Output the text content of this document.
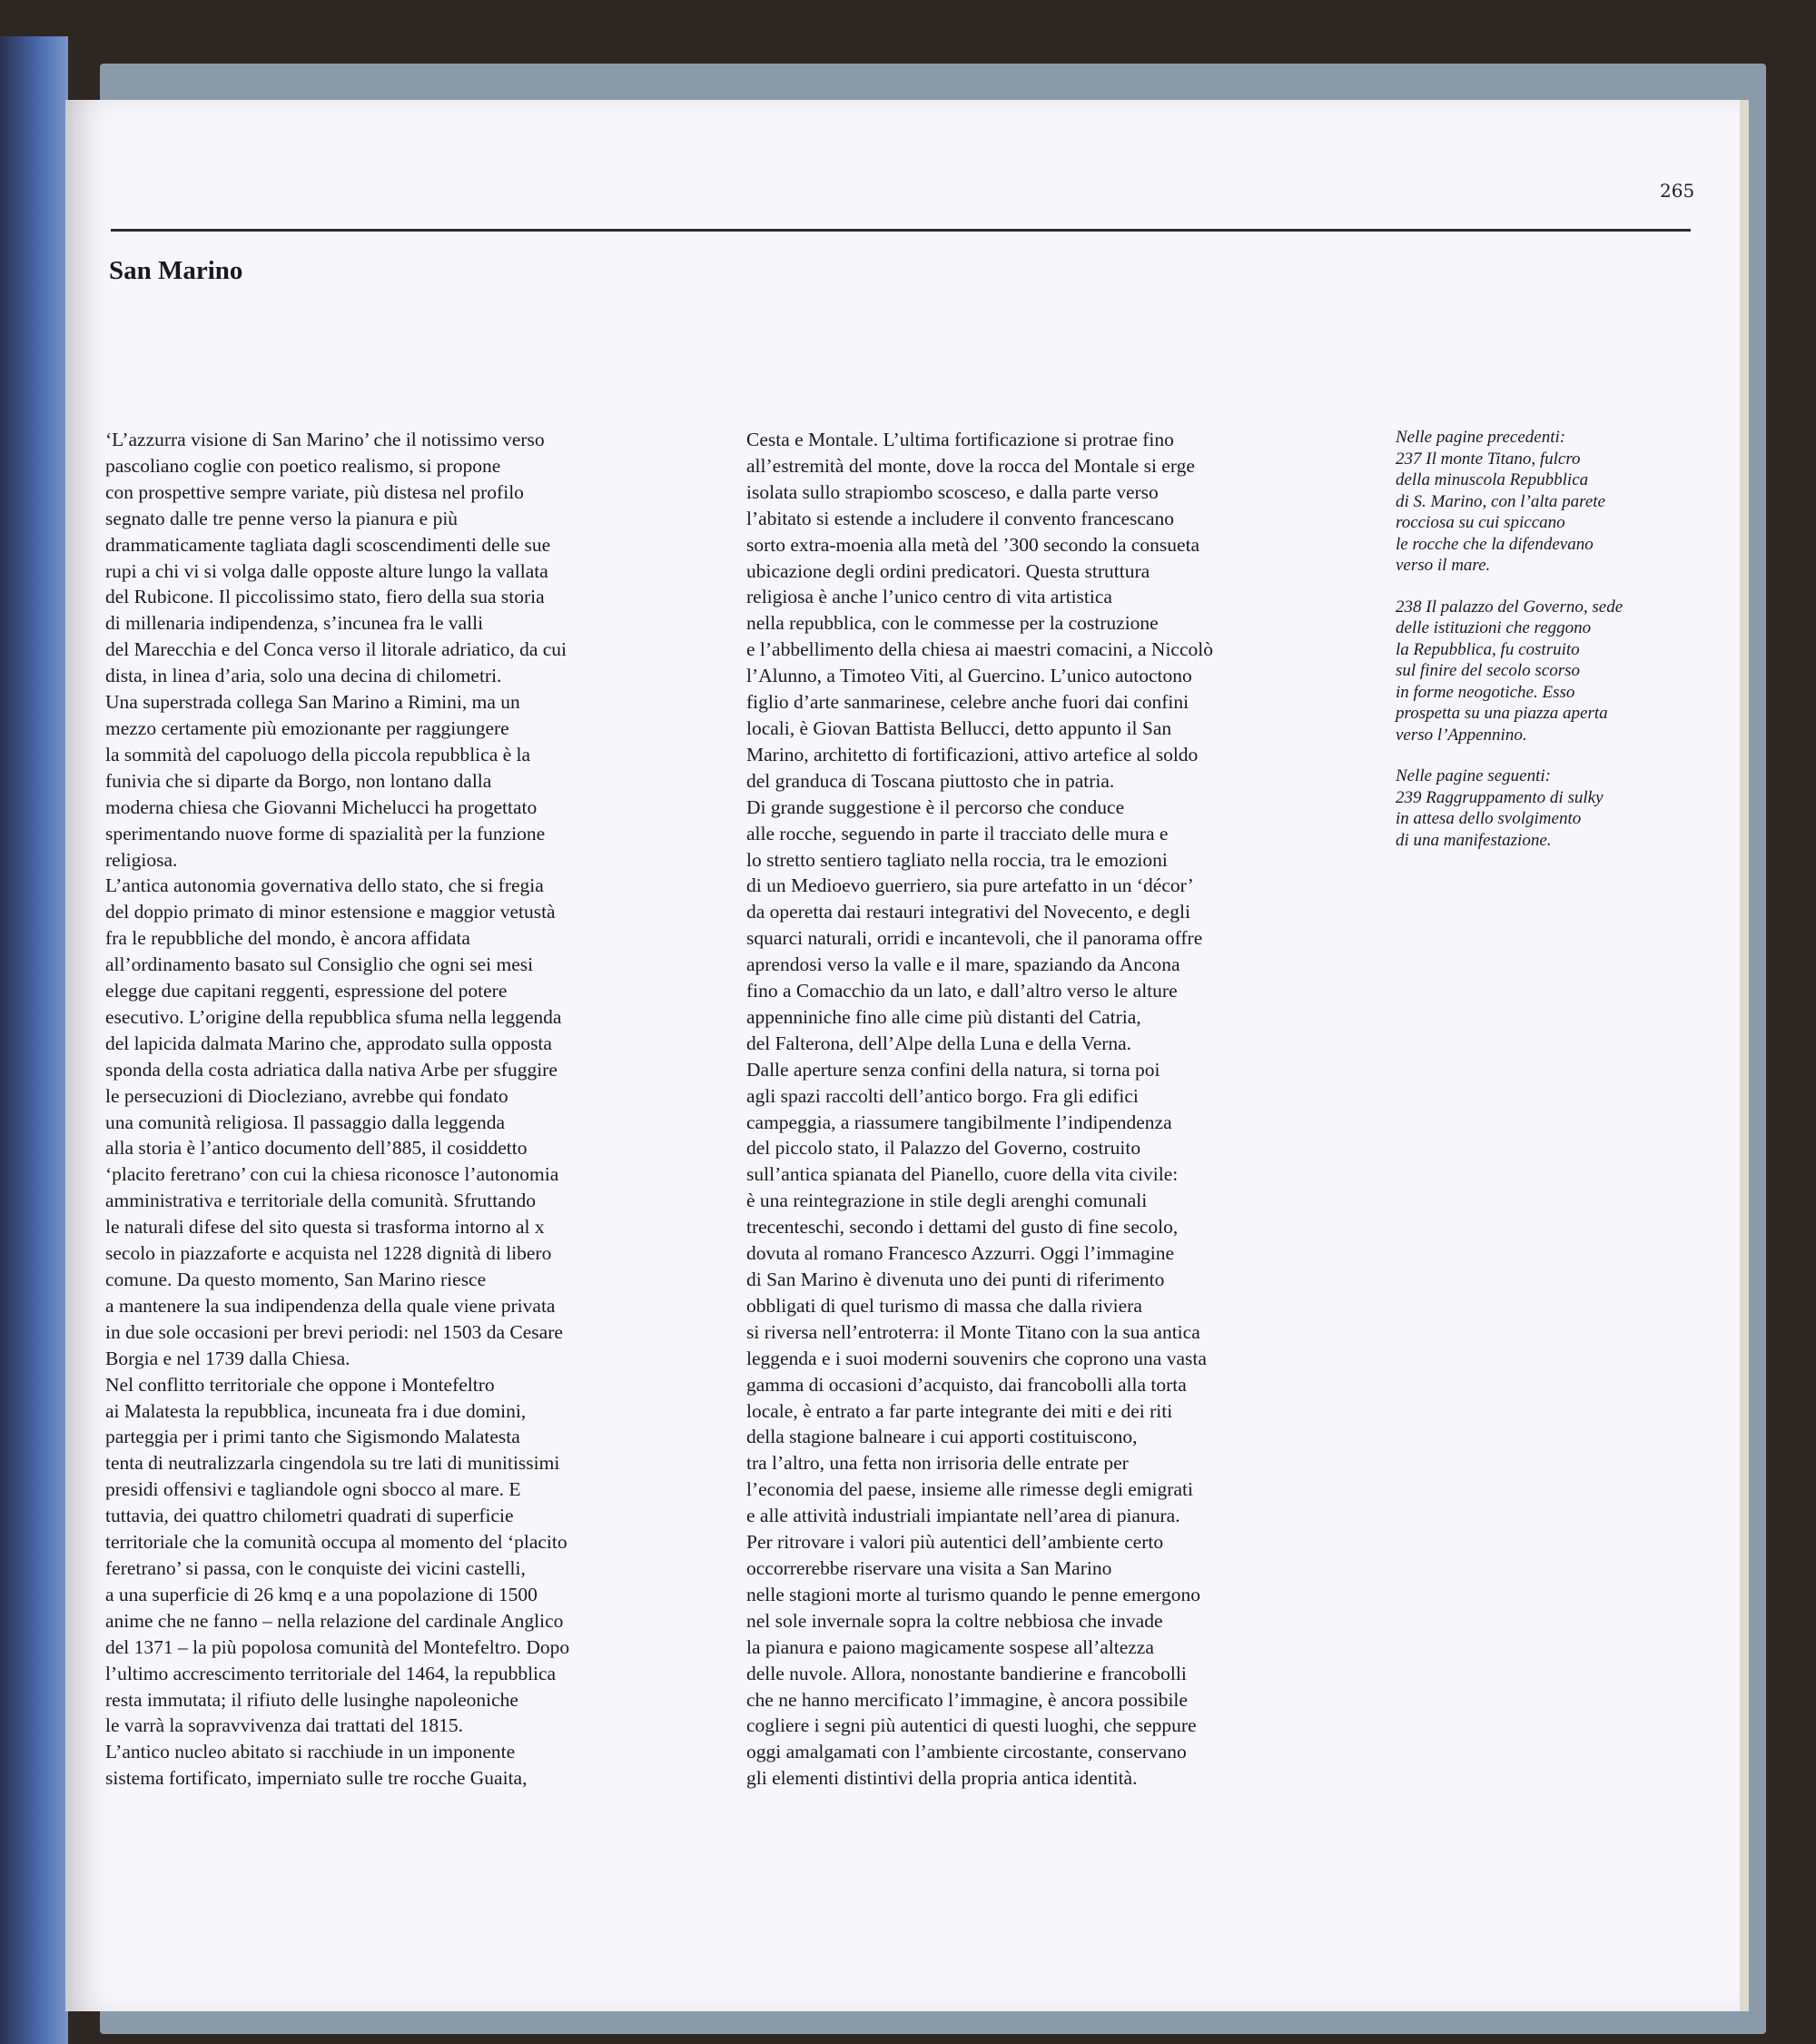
265
San Marino
‘L’azzurra visione di San Marino’ che il notissimo verso
pascoliano coglie con poetico realismo, si propone
con prospettive sempre variate, più distesa nel profilo
segnato dalle tre penne verso la pianura e più
drammaticamente tagliata dagli scoscendimenti delle sue
rupi a chi vi si volga dalle opposte alture lungo la vallata
del Rubicone. Il piccolissimo stato, fiero della sua storia
di millenaria indipendenza, s’incunea fra le valli
del Marecchia e del Conca verso il litorale adriatico, da cui
dista, in linea d’aria, solo una decina di chilometri.
Una superstrada collega San Marino a Rimini, ma un
mezzo certamente più emozionante per raggiungere
la sommità del capoluogo della piccola repubblica è la
funivia che si diparte da Borgo, non lontano dalla
moderna chiesa che Giovanni Michelucci ha progettato
sperimentando nuove forme di spazialità per la funzione
religiosa.
L’antica autonomia governativa dello stato, che si fregia
del doppio primato di minor estensione e maggior vetustà
fra le repubbliche del mondo, è ancora affidata
all’ordinamento basato sul Consiglio che ogni sei mesi
elegge due capitani reggenti, espressione del potere
esecutivo. L’origine della repubblica sfuma nella leggenda
del lapicida dalmata Marino che, approdato sulla opposta
sponda della costa adriatica dalla nativa Arbe per sfuggire
le persecuzioni di Diocleziano, avrebbe qui fondato
una comunità religiosa. Il passaggio dalla leggenda
alla storia è l’antico documento dell’885, il cosiddetto
‘placito feretrano’ con cui la chiesa riconosce l’autonomia
amministrativa e territoriale della comunità. Sfruttando
le naturali difese del sito questa si trasforma intorno al x
secolo in piazzaforte e acquista nel 1228 dignità di libero
comune. Da questo momento, San Marino riesce
a mantenere la sua indipendenza della quale viene privata
in due sole occasioni per brevi periodi: nel 1503 da Cesare
Borgia e nel 1739 dalla Chiesa.
Nel conflitto territoriale che oppone i Montefeltro
ai Malatesta la repubblica, incuneata fra i due domini,
parteggia per i primi tanto che Sigismondo Malatesta
tenta di neutralizzarla cingendola su tre lati di munitissimi
presidi offensivi e tagliandole ogni sbocco al mare. E
tuttavia, dei quattro chilometri quadrati di superficie
territoriale che la comunità occupa al momento del ‘placito
feretrano’ si passa, con le conquiste dei vicini castelli,
a una superficie di 26 kmq e a una popolazione di 1500
anime che ne fanno – nella relazione del cardinale Anglico
del 1371 – la più popolosa comunità del Montefeltro. Dopo
l’ultimo accrescimento territoriale del 1464, la repubblica
resta immutata; il rifiuto delle lusinghe napoleoniche
le varrà la sopravvivenza dai trattati del 1815.
L’antico nucleo abitato si racchiude in un imponente
sistema fortificato, imperniato sulle tre rocche Guaita,
Cesta e Montale. L’ultima fortificazione si protrae fino
all’estremità del monte, dove la rocca del Montale si erge
isolata sullo strapiombo scosceso, e dalla parte verso
l’abitato si estende a includere il convento francescano
sorto extra-moenia alla metà del ’300 secondo la consueta
ubicazione degli ordini predicatori. Questa struttura
religiosa è anche l’unico centro di vita artistica
nella repubblica, con le commesse per la costruzione
e l’abbellimento della chiesa ai maestri comacini, a Niccolò
l’Alunno, a Timoteo Viti, al Guercino. L’unico autoctono
figlio d’arte sanmarinese, celebre anche fuori dai confini
locali, è Giovan Battista Bellucci, detto appunto il San
Marino, architetto di fortificazioni, attivo artefice al soldo
del granduca di Toscana piuttosto che in patria.
Di grande suggestione è il percorso che conduce
alle rocche, seguendo in parte il tracciato delle mura e
lo stretto sentiero tagliato nella roccia, tra le emozioni
di un Medioevo guerriero, sia pure artefatto in un ‘décor’
da operetta dai restauri integrativi del Novecento, e degli
squarci naturali, orridi e incantevoli, che il panorama offre
aprendosi verso la valle e il mare, spaziando da Ancona
fino a Comacchio da un lato, e dall’altro verso le alture
appenniniche fino alle cime più distanti del Catria,
del Falterona, dell’Alpe della Luna e della Verna.
Dalle aperture senza confini della natura, si torna poi
agli spazi raccolti dell’antico borgo. Fra gli edifici
campeggia, a riassumere tangibilmente l’indipendenza
del piccolo stato, il Palazzo del Governo, costruito
sull’antica spianata del Pianello, cuore della vita civile:
è una reintegrazione in stile degli arenghi comunali
trecenteschi, secondo i dettami del gusto di fine secolo,
dovuta al romano Francesco Azzurri. Oggi l’immagine
di San Marino è divenuta uno dei punti di riferimento
obbligati di quel turismo di massa che dalla riviera
si riversa nell’entroterra: il Monte Titano con la sua antica
leggenda e i suoi moderni souvenirs che coprono una vasta
gamma di occasioni d’acquisto, dai francobolli alla torta
locale, è entrato a far parte integrante dei miti e dei riti
della stagione balneare i cui apporti costituiscono,
tra l’altro, una fetta non irrisoria delle entrate per
l’economia del paese, insieme alle rimesse degli emigrati
e alle attività industriali impiantate nell’area di pianura.
Per ritrovare i valori più autentici dell’ambiente certo
occorrerebbe riservare una visita a San Marino
nelle stagioni morte al turismo quando le penne emergono
nel sole invernale sopra la coltre nebbiosa che invade
la pianura e paiono magicamente sospese all’altezza
delle nuvole. Allora, nonostante bandierine e francobolli
che ne hanno mercificato l’immagine, è ancora possibile
cogliere i segni più autentici di questi luoghi, che seppure
oggi amalgamati con l’ambiente circostante, conservano
gli elementi distintivi della propria antica identità.
Nelle pagine precedenti:
237 Il monte Titano, fulcro
della minuscola Repubblica
di S. Marino, con l’alta parete
rocciosa su cui spiccano
le rocche che la difendevano
verso il mare.
238 Il palazzo del Governo, sede
delle istituzioni che reggono
la Repubblica, fu costruito
sul finire del secolo scorso
in forme neogotiche. Esso
prospetta su una piazza aperta
verso l’Appennino.
Nelle pagine seguenti:
239 Raggruppamento di sulky
in attesa dello svolgimento
di una manifestazione.
